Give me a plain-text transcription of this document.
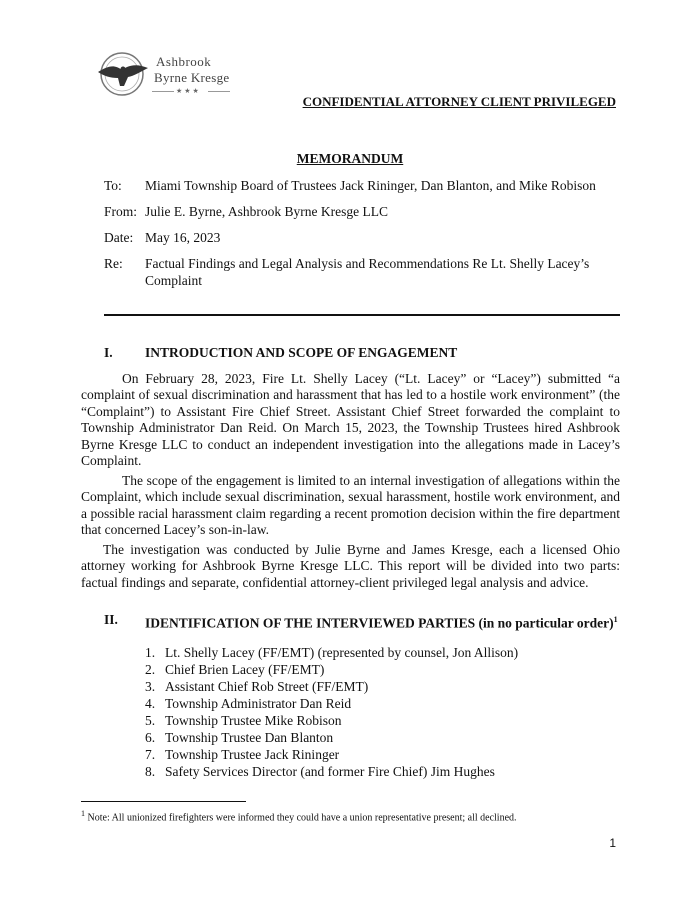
Ashbrook
Byrne Kresge
★★★
CONFIDENTIAL ATTORNEY CLIENT PRIVILEGED
MEMORANDUM
To:	Miami Township Board of Trustees Jack Rininger, Dan Blanton, and Mike Robison
From: Julie E. Byrne, Ashbrook Byrne Kresge LLC
Date: May 16, 2023
Re:	Factual Findings and Legal Analysis and Recommendations Re Lt. Shelly Lacey’s Complaint
I. INTRODUCTION AND SCOPE OF ENGAGEMENT

On February 28, 2023, Fire Lt. Shelly Lacey (“Lt. Lacey” or “Lacey”) submitted “a complaint of sexual discrimination and harassment that has led to a hostile work environment” (the “Complaint”) to Assistant Fire Chief Street. Assistant Chief Street forwarded the complaint to Township Administrator Dan Reid. On March 15, 2023, the Township Trustees hired Ashbrook Byrne Kresge LLC to conduct an independent investigation into the allegations made in Lacey’s Complaint.

The scope of the engagement is limited to an internal investigation of allegations within the Complaint, which include sexual discrimination, sexual harassment, hostile work environment, and a possible racial harassment claim regarding a recent promotion decision within the fire department that concerned Lacey’s son-in-law.

The investigation was conducted by Julie Byrne and James Kresge, each a licensed Ohio attorney working for Ashbrook Byrne Kresge LLC. This report will be divided into two parts: factual findings and separate, confidential attorney-client privileged legal analysis and advice.

II. IDENTIFICATION OF THE INTERVIEWED PARTIES (in no particular order)$^1$
1. Lt. Shelly Lacey (FF/EMT) (represented by counsel, Jon Allison)
2. Chief Brien Lacey (FF/EMT)
3. Assistant Chief Rob Street (FF/EMT)
4. Township Administrator Dan Reid
5. Township Trustee Mike Robison
6. Township Trustee Dan Blanton
7. Township Trustee Jack Rininger
8. Safety Services Director (and former Fire Chief) Jim Hughes
$^1$ Note: All unionized firefighters were informed they could have a union representative present; all declined.
1
